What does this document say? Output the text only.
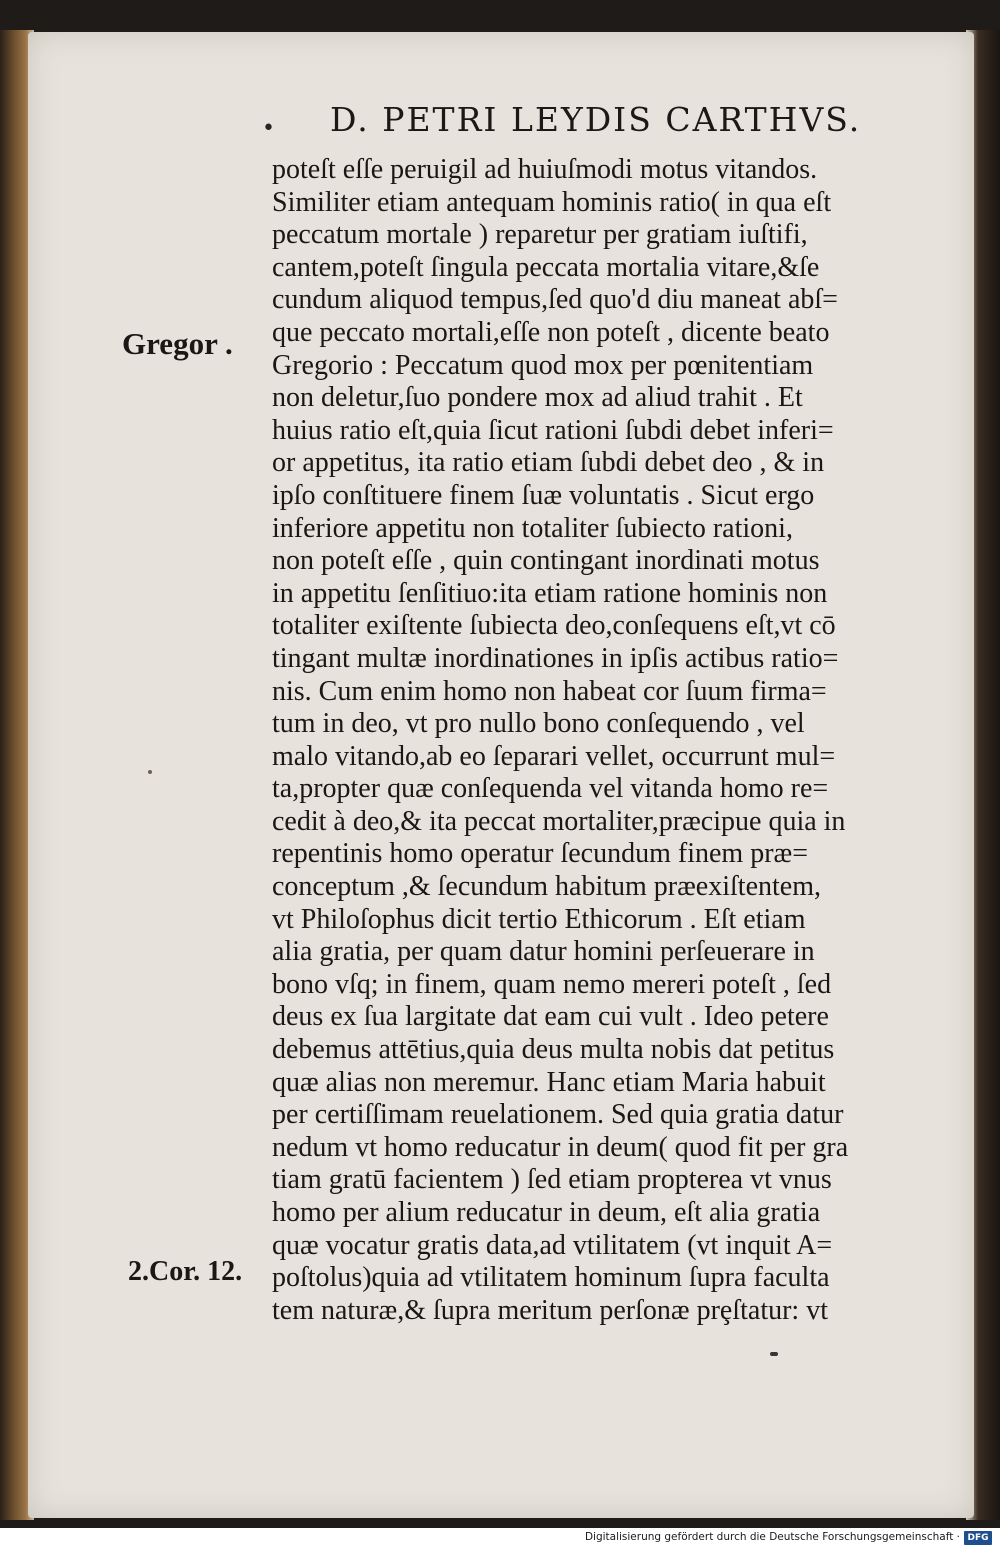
• D. PETRI LEYDIS CARTHVS.
Gregor .
2.Cor. 12.
poteſt eſſe peruigil ad huiuſmodi motus vitandos.
Similiter etiam antequam hominis ratio( in qua eſt
peccatum mortale ) reparetur per gratiam iuſtifi,
cantem,poteſt ſingula peccata mortalia vitare,&ſe
cundum aliquod tempus,ſed quo'd diu maneat abſ=
que peccato mortali,eſſe non poteſt , dicente beato
Gregorio : Peccatum quod mox per pœnitentiam
non deletur,ſuo pondere mox ad aliud trahit . Et
huius ratio eſt,quia ſicut rationi ſubdi debet inferi=
or appetitus, ita ratio etiam ſubdi debet deo , & in
ipſo conſtituere finem ſuæ voluntatis . Sicut ergo
inferiore appetitu non totaliter ſubiecto rationi,
non poteſt eſſe , quin contingant inordinati motus
in appetitu ſenſitiuo:ita etiam ratione hominis non
totaliter exiſtente ſubiecta deo,conſequens eſt,vt cō
tingant multæ inordinationes in ipſis actibus ratio=
nis. Cum enim homo non habeat cor ſuum firma=
tum in deo, vt pro nullo bono conſequendo , vel
malo vitando,ab eo ſeparari vellet, occurrunt mul=
ta,propter quæ conſequenda vel vitanda homo re=
cedit à deo,& ita peccat mortaliter,præcipue quia in
repentinis homo operatur ſecundum finem præ=
conceptum ,& ſecundum habitum præexiſtentem,
vt Philoſophus dicit tertio Ethicorum . Eſt etiam
alia gratia, per quam datur homini perſeuerare in
bono vſq; in finem, quam nemo mereri poteſt , ſed
deus ex ſua largitate dat eam cui vult . Ideo petere
debemus attētius,quia deus multa nobis dat petitus
quæ alias non meremur. Hanc etiam Maria habuit
per certiſſimam reuelationem. Sed quia gratia datur
nedum vt homo reducatur in deum( quod fit per gra
tiam gratū facientem ) ſed etiam propterea vt vnus
homo per alium reducatur in deum, eſt alia gratia
quæ vocatur gratis data,ad vtilitatem (vt inquit A=
poſtolus)quia ad vtilitatem hominum ſupra faculta
tem naturæ,& ſupra meritum perſonæ prȩſtatur: vt
Digitalisierung gefördert durch die Deutsche Forschungsgemeinschaft · DFG
